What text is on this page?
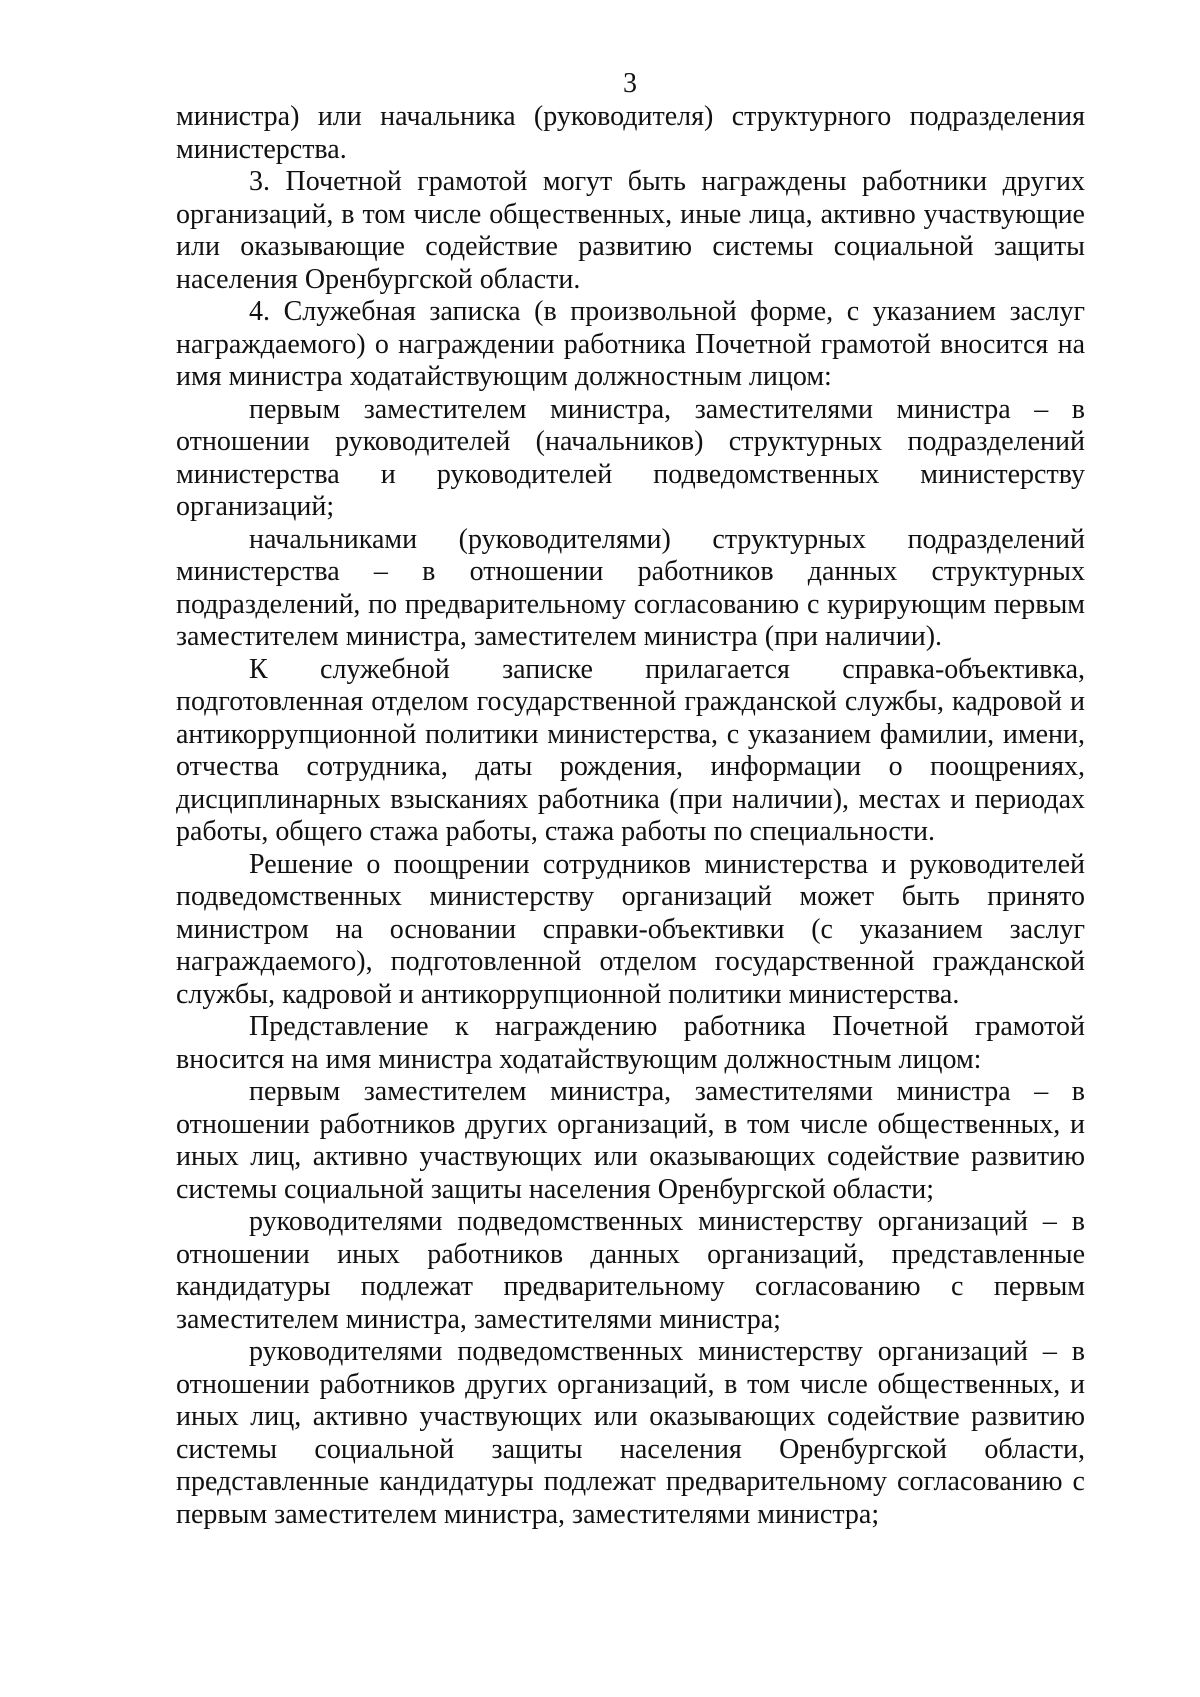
3

министра) или начальника (руководителя) структурного подразделения министерства.

3. Почетной грамотой могут быть награждены работники других организаций, в том числе общественных, иные лица, активно участвующие или оказывающие содействие развитию системы социальной защиты населения Оренбургской области.

4. Служебная записка (в произвольной форме, с указанием заслуг награждаемого) о награждении работника Почетной грамотой вносится на имя министра ходатайствующим должностным лицом:

первым заместителем министра, заместителями министра – в отношении руководителей (начальников) структурных подразделений министерства и руководителей подведомственных министерству организаций;

начальниками (руководителями) структурных подразделений министерства – в отношении работников данных структурных подразделений, по предварительному согласованию с курирующим первым заместителем министра, заместителем министра (при наличии).

К служебной записке прилагается справка-объективка, подготовленная отделом государственной гражданской службы, кадровой и антикоррупционной политики министерства, с указанием фамилии, имени, отчества сотрудника, даты рождения, информации о поощрениях, дисциплинарных взысканиях работника (при наличии), местах и периодах работы, общего стажа работы, стажа работы по специальности.

Решение о поощрении сотрудников министерства и руководителей подведомственных министерству организаций может быть принято министром на основании справки-объективки (с указанием заслуг награждаемого), подготовленной отделом государственной гражданской службы, кадровой и антикоррупционной политики министерства.

Представление к награждению работника Почетной грамотой вносится на имя министра ходатайствующим должностным лицом:

первым заместителем министра, заместителями министра – в отношении работников других организаций, в том числе общественных, и иных лиц, активно участвующих или оказывающих содействие развитию системы социальной защиты населения Оренбургской области;

руководителями подведомственных министерству организаций – в отношении иных работников данных организаций, представленные кандидатуры подлежат предварительному согласованию с первым заместителем министра, заместителями министра;

руководителями подведомственных министерству организаций – в отношении работников других организаций, в том числе общественных, и иных лиц, активно участвующих или оказывающих содействие развитию системы социальной защиты населения Оренбургской области, представленные кандидатуры подлежат предварительному согласованию с первым заместителем министра, заместителями министра;
